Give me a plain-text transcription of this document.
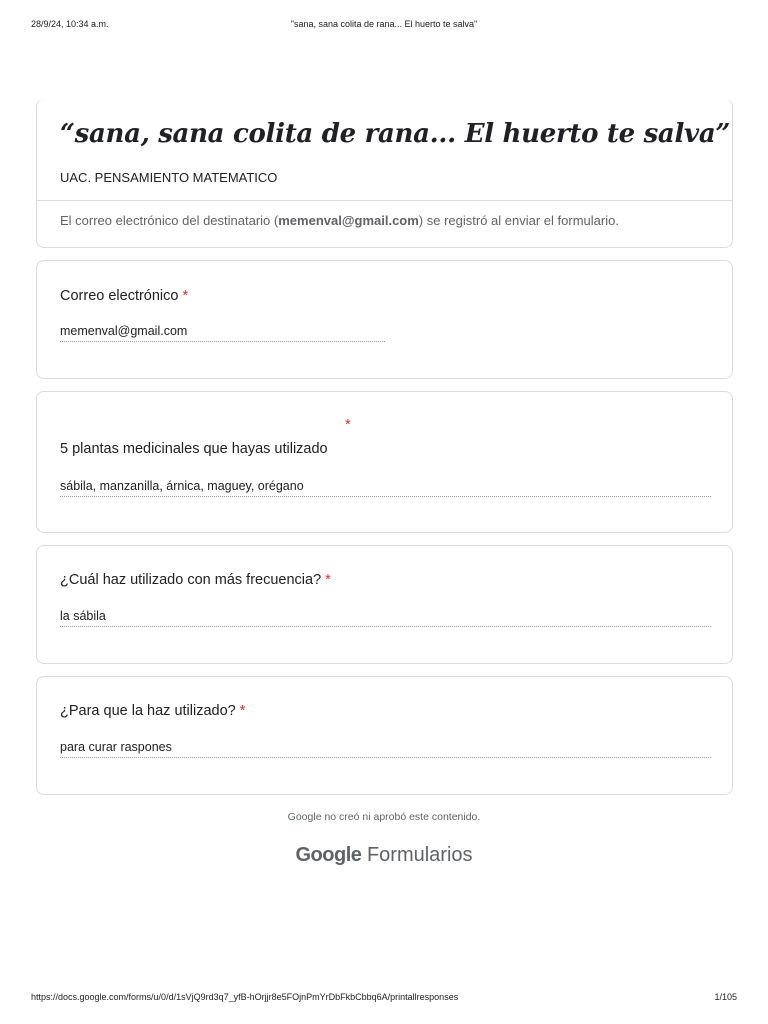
28/9/24, 10:34 a.m.	"sana, sana colita de rana... El huerto te salva"
“sana, sana colita de rana... El huerto te salva”
UAC. PENSAMIENTO MATEMATICO
El correo electrónico del destinatario (memenval@gmail.com) se registró al enviar el formulario.
Correo electrónico *
memenval@gmail.com
*
5 plantas medicinales que hayas utilizado
sábila, manzanilla, árnica, maguey, orégano
¿Cuál haz utilizado con más frecuencia? *
la sábila
¿Para que la haz utilizado? *
para curar raspones
Google no creó ni aprobó este contenido.
Google Formularios
https://docs.google.com/forms/u/0/d/1sVjQ9rd3q7_yfB-hOrjjr8e5FOjnPmYrDbFkbCbbq6A/printallresponses	1/105
